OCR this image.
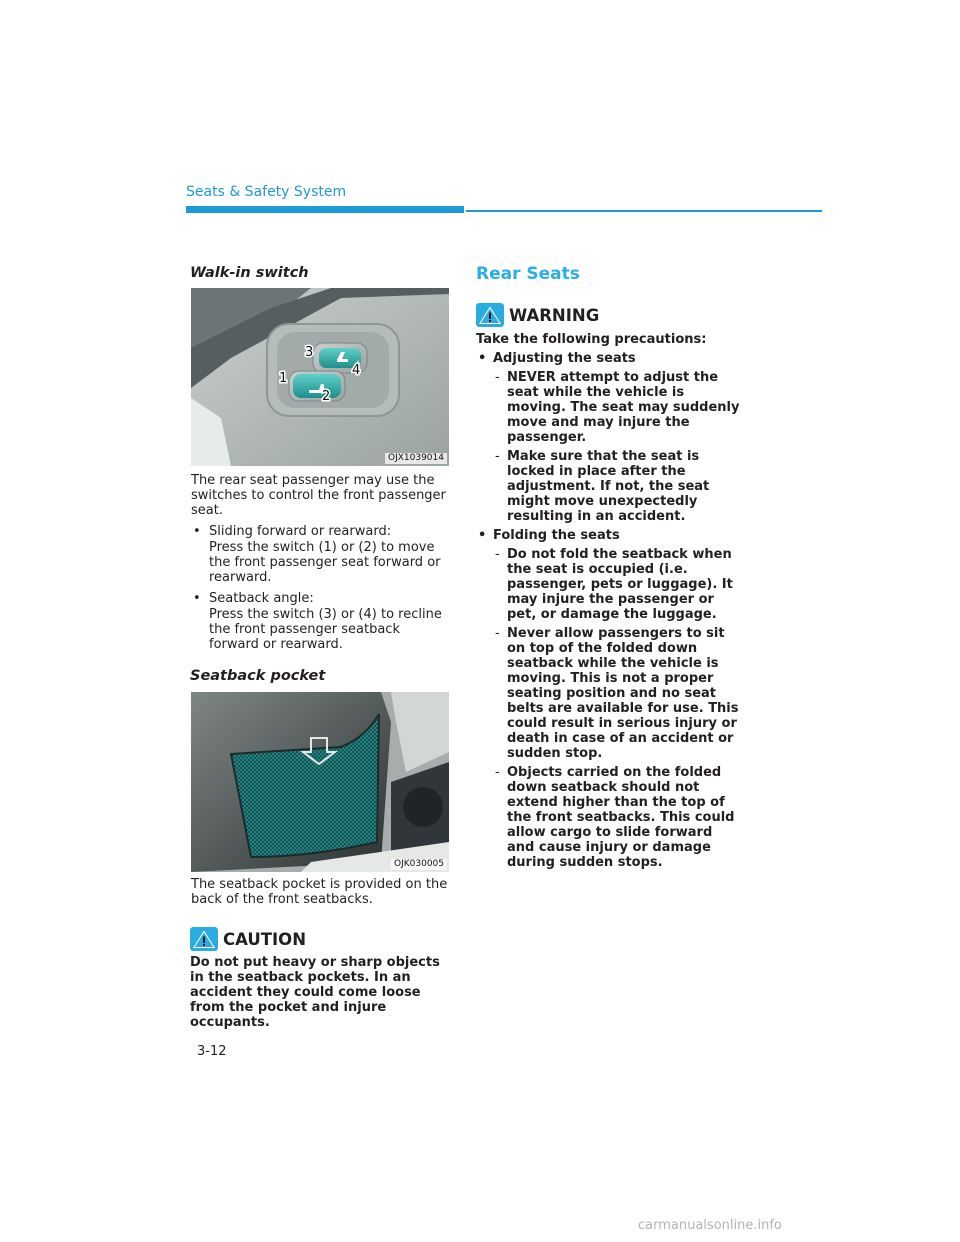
Seats & Safety System
Walk-in switch
3
4
1
2
OJX1039014

The rear seat passenger may use the switches to control the front passenger seat.

• Sliding forward or rearward:
Press the switch (1) or (2) to move the front passenger seat forward or rearward.
• Seatback angle:
Press the switch (3) or (4) to recline the front passenger seatback forward or rearward.
Seatback pocket
OJK030005
The seatback pocket is provided on the back of the front seatbacks.
CAUTION
Do not put heavy or sharp objects in the seatback pockets. In an accident they could come loose from the pocket and injure occupants.
Rear Seats
WARNING

Take the following precautions:

• Adjusting the seats
- NEVER attempt to adjust the seat while the vehicle is moving. The seat may suddenly move and may injure the passenger.
- Make sure that the seat is locked in place after the adjustment. If not, the seat might move unexpectedly resulting in an accident.
• Folding the seats
- Do not fold the seatback when the seat is occupied (i.e. passenger, pets or luggage). It may injure the passenger or pet, or damage the luggage.
- Never allow passengers to sit on top of the folded down seatback while the vehicle is moving. This is not a proper seating position and no seat belts are available for use. This could result in serious injury or death in case of an accident or sudden stop.
- Objects carried on the folded down seatback should not extend higher than the top of the front seatbacks. This could allow cargo to slide forward and cause injury or damage during sudden stops.
3-12
carmanualsonline.info
